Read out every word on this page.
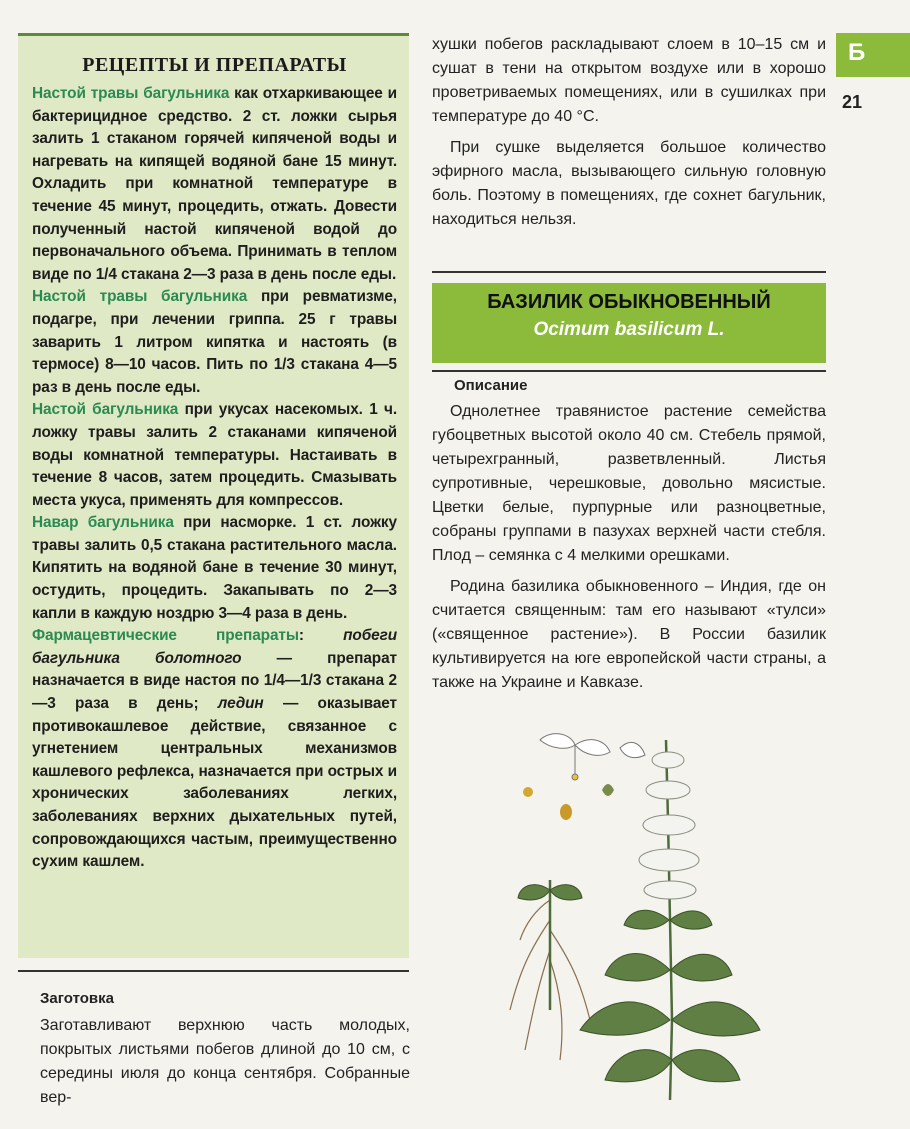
РЕЦЕПТЫ И ПРЕПАРАТЫ

Настой травы багульника как отхаркивающее и бактерицидное средство. 2 ст. ложки сырья залить 1 стаканом горячей кипяченой воды и нагревать на кипящей водяной бане 15 минут. Охладить при комнатной температуре в течение 45 минут, процедить, отжать. Довести полученный настой кипяченой водой до первоначального объема. Принимать в теплом виде по 1/4 стакана 2—3 раза в день после еды.

Настой травы багульника при ревматизме, подагре, при лечении гриппа. 25 г травы заварить 1 литром кипятка и настоять (в термосе) 8—10 часов. Пить по 1/3 стакана 4—5 раз в день после еды.

Настой багульника при укусах насекомых. 1 ч. ложку травы залить 2 стаканами кипяченой воды комнатной температуры. Настаивать в течение 8 часов, затем процедить. Смазывать места укуса, применять для компрессов.

Навар багульника при насморке. 1 ст. ложку травы залить 0,5 стакана растительного масла. Кипятить на водяной бане в течение 30 минут, остудить, процедить. Закапывать по 2—3 капли в каждую ноздрю 3—4 раза в день.

Фармацевтические препараты: побеги багульника болотного — препарат назначается в виде настоя по 1/4—1/3 стакана 2—3 раза в день; ледин — оказывает противокашлевое действие, связанное с угнетением центральных механизмов кашлевого рефлекса, назначается при острых и хронических заболеваниях легких, заболеваниях верхних дыхательных путей, сопровождающихся частым, преимущественно сухим кашлем.

Заготовка

Заготавливают верхнюю часть молодых, покрытых листьями побегов длиной до 10 см, с середины июля до конца сентября. Собранные вер-

хушки побегов раскладывают слоем в 10–15 см и сушат в тени на открытом воздухе или в хорошо проветриваемых помещениях, или в сушилках при температуре до 40 °С.

При сушке выделяется большое количество эфирного масла, вызывающего сильную головную боль. Поэтому в помещениях, где сохнет багульник, находиться нельзя.

Б
21
БАЗИЛИК ОБЫКНОВЕННЫЙ
Ocimum basilicum L.
Описание

Однолетнее травянистое растение семейства губоцветных высотой около 40 см. Стебель прямой, четырехгранный, разветвленный. Листья супротивные, черешковые, довольно мясистые. Цветки белые, пурпурные или разноцветные, собраны группами в пазухах верхней части стебля. Плод – семянка с 4 мелкими орешками.

Родина базилика обыкновенного – Индия, где он считается священным: там его называют «тулси» («священное растение»). В России базилик культивируется на юге европейской части страны, а также на Украине и Кавказе.
